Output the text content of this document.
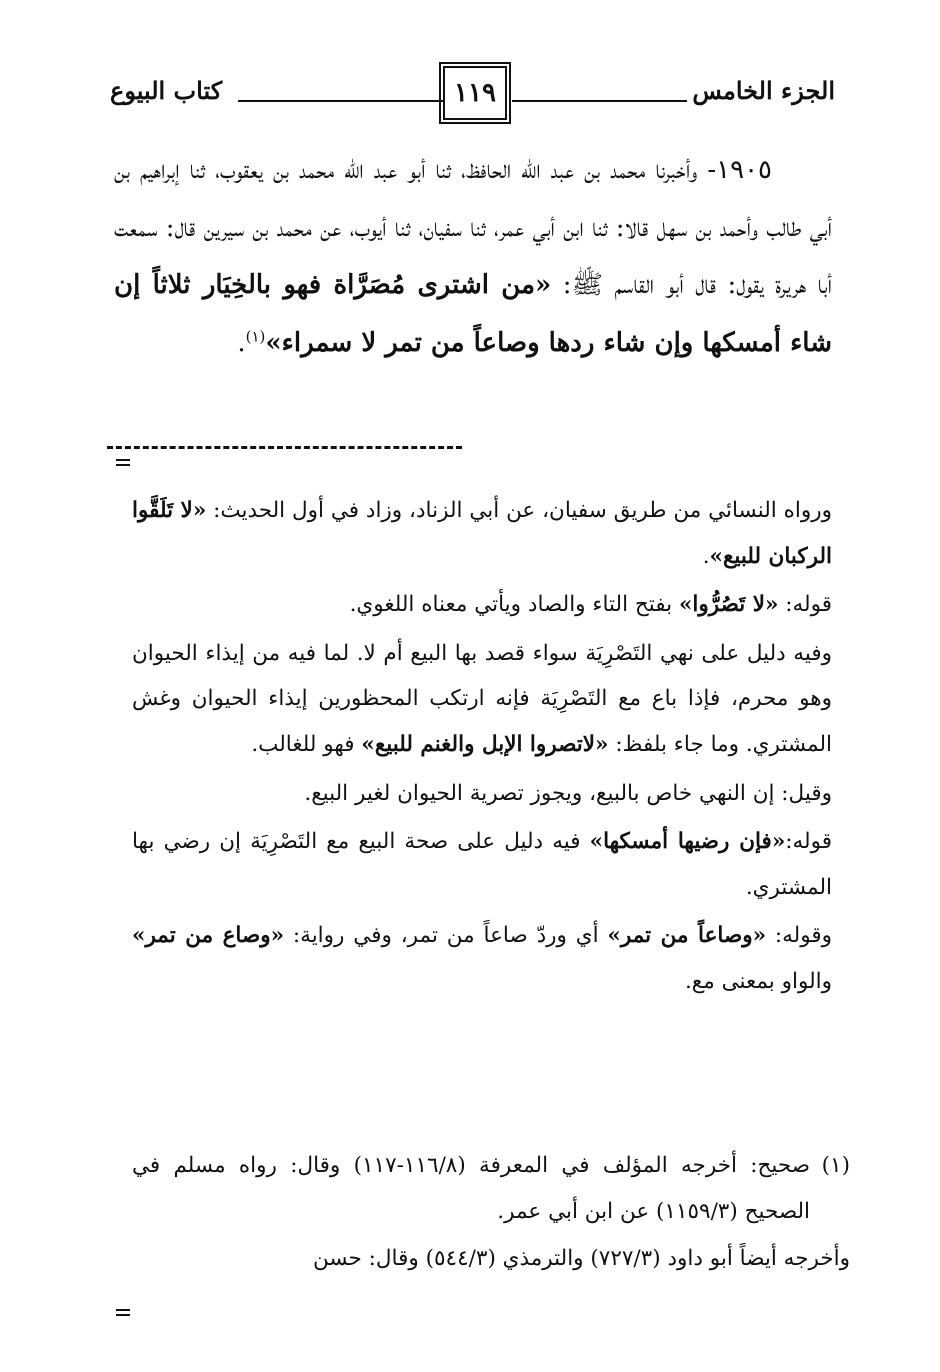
الجزء الخامس
١١٩
كتاب البيوع

١٩٠٥- وأخبرنا محمد بن عبد الله الحافظ، ثنا أبو عبد الله محمد بن يعقوب، ثنا إبراهيم بن أبي طالب وأحمد بن سهل قالا: ثنا ابن أبي عمر، ثنا سفيان، ثنا أيوب، عن محمد بن سيرين قال: سمعت أبا هريرة يقول: قال أبو القاسم ﷺ: «من اشترى مُصَرَّاة فهو بالخِيَار ثلاثاً إن شاء أمسكها وإن شاء ردها وصاعاً من تمر لا سمراء»$^{(١)}$.

ورواه النسائي من طريق سفيان، عن أبي الزناد، وزاد في أول الحديث: «لا تَلَقَّوا الركبان للبيع».

قوله: «لا تَصُرُّوا» بفتح التاء والصاد ويأتي معناه اللغوي.

وفيه دليل على نهي التَصْرِيَة سواء قصد بها البيع أم لا. لما فيه من إيذاء الحيوان وهو محرم، فإذا باع مع التَصْرِيَة فإنه ارتكب المحظورين إيذاء الحيوان وغش المشتري. وما جاء بلفظ: «لاتصروا الإبل والغنم للبيع» فهو للغالب.

وقيل: إن النهي خاص بالبيع، ويجوز تصرية الحيوان لغير البيع.

قوله:«فإن رضيها أمسكها» فيه دليل على صحة البيع مع التَصْرِيَة إن رضي بها المشتري.

وقوله: «وصاعاً من تمر» أي وردّ صاعاً من تمر، وفي رواية: «وصاع من تمر» والواو بمعنى مع.

(١)
صحيح: أخرجه المؤلف في المعرفة (١١٦/٨-١١٧) وقال: رواه مسلم في الصحيح (١١٥٩/٣) عن ابن أبي عمر.
وأخرجه أيضاً أبو داود (٧٢٧/٣) والترمذي (٥٤٤/٣) وقال: حسن
